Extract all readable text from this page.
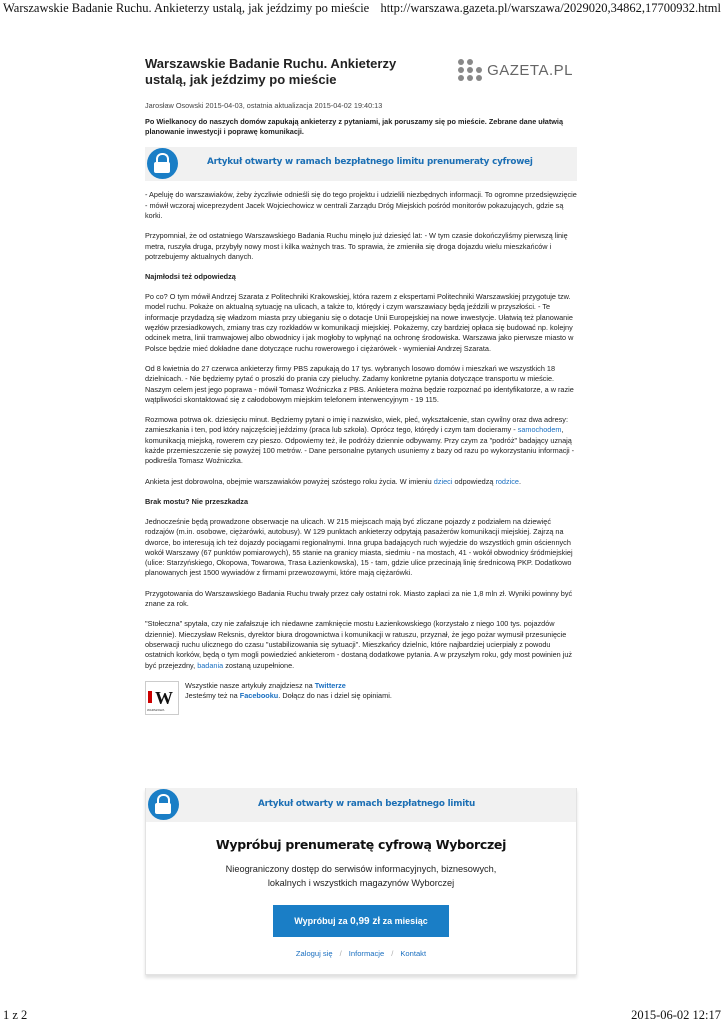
Warszawskie Badanie Ruchu. Ankieterzy ustalą, jak jeździmy po mieście http://warszawa.gazeta.pl/warszawa/2029020,34862,17700932.html
Warszawskie Badanie Ruchu. Ankieterzy ustalą, jak jeździmy po mieście
GAZETA.PL
Jarosław Osowski 2015-04-03, ostatnia aktualizacja 2015-04-02 19:40:13
Po Wielkanocy do naszych domów zapukają ankieterzy z pytaniami, jak poruszamy się po mieście. Zebrane dane ułatwią planowanie inwestycji i poprawę komunikacji.
Artykuł otwarty w ramach bezpłatnego limitu prenumeraty cyfrowej

- Apeluję do warszawiaków, żeby życzliwie odnieśli się do tego projektu i udzielili niezbędnych informacji. To ogromne przedsięwzięcie - mówił wczoraj wiceprezydent Jacek Wojciechowicz w centrali Zarządu Dróg Miejskich pośród monitorów pokazujących, gdzie są korki.

Przypomniał, że od ostatniego Warszawskiego Badania Ruchu minęło już dziesięć lat: - W tym czasie dokończyliśmy pierwszą linię metra, ruszyła druga, przybyły nowy most i kilka ważnych tras. To sprawia, że zmieniła się droga dojazdu wielu mieszkańców i potrzebujemy aktualnych danych.

Najmłodsi też odpowiedzą

Po co? O tym mówił Andrzej Szarata z Politechniki Krakowskiej, która razem z ekspertami Politechniki Warszawskiej przygotuje tzw. model ruchu. Pokaże on aktualną sytuację na ulicach, a także to, którędy i czym warszawiacy będą jeździli w przyszłości. - Te informacje przydadzą się władzom miasta przy ubieganiu się o dotacje Unii Europejskiej na nowe inwestycje. Ułatwią też planowanie węzłów przesiadkowych, zmiany tras czy rozkładów w komunikacji miejskiej. Pokażemy, czy bardziej opłaca się budować np. kolejny odcinek metra, linii tramwajowej albo obwodnicy i jak mogłoby to wpłynąć na ochronę środowiska. Warszawa jako pierwsze miasto w Polsce będzie mieć dokładne dane dotyczące ruchu rowerowego i ciężarówek - wymieniał Andrzej Szarata.

Od 8 kwietnia do 27 czerwca ankieterzy firmy PBS zapukają do 17 tys. wybranych losowo domów i mieszkań we wszystkich 18 dzielnicach. - Nie będziemy pytać o proszki do prania czy pieluchy. Zadamy konkretne pytania dotyczące transportu w mieście. Naszym celem jest jego poprawa - mówił Tomasz Woźniczka z PBS. Ankietera można będzie rozpoznać po identyfikatorze, a w razie wątpliwości skontaktować się z całodobowym miejskim telefonem interwencyjnym - 19 115.

Rozmowa potrwa ok. dziesięciu minut. Będziemy pytani o imię i nazwisko, wiek, płeć, wykształcenie, stan cywilny oraz dwa adresy: zamieszkania i ten, pod który najczęściej jeździmy (praca lub szkoła). Oprócz tego, którędy i czym tam docieramy - samochodem, komunikacją miejską, rowerem czy pieszo. Odpowiemy też, ile podróży dziennie odbywamy. Przy czym za "podróż" badający uznają każde przemieszczenie się powyżej 100 metrów. - Dane personalne pytanych usuniemy z bazy od razu po wykorzystaniu informacji - podkreśla Tomasz Woźniczka.

Ankieta jest dobrowolna, obejmie warszawiaków powyżej szóstego roku życia. W imieniu dzieci odpowiedzą rodzice.

Brak mostu? Nie przeszkadza

Jednocześnie będą prowadzone obserwacje na ulicach. W 215 miejscach mają być zliczane pojazdy z podziałem na dziewięć rodzajów (m.in. osobowe, ciężarówki, autobusy). W 129 punktach ankieterzy odpytają pasażerów komunikacji miejskiej. Zajrzą na dworce, bo interesują ich też dojazdy pociągami regionalnymi. Inna grupa badających ruch wyjedzie do wszystkich gmin ościennych wokół Warszawy (67 punktów pomiarowych), 55 stanie na granicy miasta, siedmiu - na mostach, 41 - wokół obwodnicy śródmiejskiej (ulice: Starzyńskiego, Okopowa, Towarowa, Trasa Łazienkowska), 15 - tam, gdzie ulice przecinają linię średnicową PKP. Dodatkowo planowanych jest 1500 wywiadów z firmami przewozowymi, które mają ciężarówki.

Przygotowania do Warszawskiego Badania Ruchu trwały przez cały ostatni rok. Miasto zapłaci za nie 1,8 mln zł. Wyniki powinny być znane za rok.

"Stołeczna" spytała, czy nie zafałszuje ich niedawne zamknięcie mostu Łazienkowskiego (korzystało z niego 100 tys. pojazdów dziennie). Mieczysław Reksnis, dyrektor biura drogownictwa i komunikacji w ratuszu, przyznał, że jego pożar wymusił przesunięcie obserwacji ruchu ulicznego do czasu "ustabilizowania się sytuacji". Mieszkańcy dzielnic, które najbardziej ucierpiały z powodu ostatnich korków, będą o tym mogli powiedzieć ankieterom - dostaną dodatkowe pytania. A w przyszłym roku, gdy most powinien już być przejezdny, badania zostaną uzupełnione.

W
WARSZAWA
Wszystkie nasze artykuły znajdziesz na Twitterze
Jesteśmy też na Facebooku. Dołącz do nas i dziel się opiniami.
Artykuł otwarty w ramach bezpłatnego limitu
Wypróbuj prenumeratę cyfrową Wyborczej
Nieograniczony dostęp do serwisów informacyjnych, biznesowych, lokalnych i wszystkich magazynów Wyborczej
Wypróbuj za 0,99 zł za miesiąc
Zaloguj się / Informacje / Kontakt
1 z 2	2015-06-02 12:17
